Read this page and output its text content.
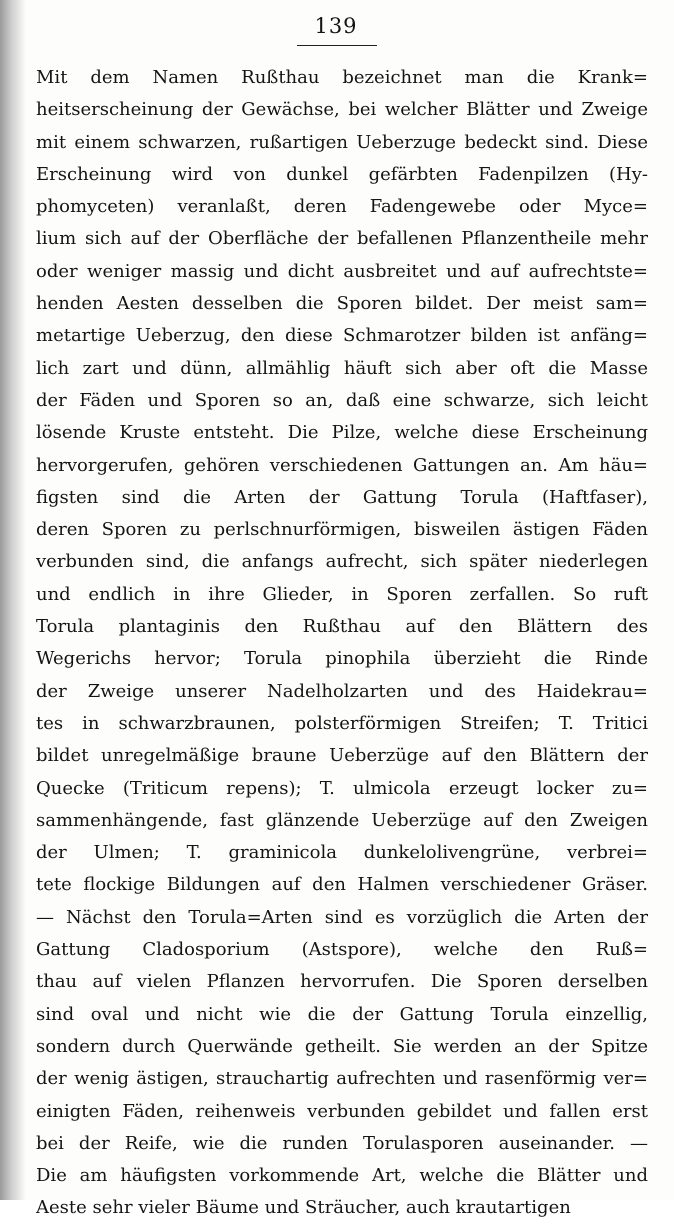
139
Mit dem Namen Rußthau bezeichnet man die Krank=
heitserscheinung der Gewächse, bei welcher Blätter und Zweige
mit einem schwarzen, rußartigen Ueberzuge bedeckt sind. Diese
Erscheinung wird von dunkel gefärbten Fadenpilzen (Hy-
phomyceten) veranlaßt, deren Fadengewebe oder Myce=
lium sich auf der Oberfläche der befallenen Pflanzentheile mehr
oder weniger massig und dicht ausbreitet und auf aufrechtste=
henden Aesten desselben die Sporen bildet. Der meist sam=
metartige Ueberzug, den diese Schmarotzer bilden ist anfäng=
lich zart und dünn, allmählig häuft sich aber oft die Masse
der Fäden und Sporen so an, daß eine schwarze, sich leicht
lösende Kruste entsteht. Die Pilze, welche diese Erscheinung
hervorgerufen, gehören verschiedenen Gattungen an. Am häu=
figsten sind die Arten der Gattung Torula (Haftfaser),
deren Sporen zu perlschnurförmigen, bisweilen ästigen Fäden
verbunden sind, die anfangs aufrecht, sich später niederlegen
und endlich in ihre Glieder, in Sporen zerfallen. So ruft
Torula plantaginis den Rußthau auf den Blättern des
Wegerichs hervor; Torula pinophila überzieht die Rinde
der Zweige unserer Nadelholzarten und des Haidekrau=
tes in schwarzbraunen, polsterförmigen Streifen; T. Tritici
bildet unregelmäßige braune Ueberzüge auf den Blättern der
Quecke (Triticum repens); T. ulmicola erzeugt locker zu=
sammenhängende, fast glänzende Ueberzüge auf den Zweigen
der Ulmen; T. graminicola dunkelolivengrüne, verbrei=
tete flockige Bildungen auf den Halmen verschiedener Gräser.
— Nächst den Torula=Arten sind es vorzüglich die Arten der
Gattung Cladosporium (Astspore), welche den Ruß=
thau auf vielen Pflanzen hervorrufen. Die Sporen derselben
sind oval und nicht wie die der Gattung Torula einzellig,
sondern durch Querwände getheilt. Sie werden an der Spitze
der wenig ästigen, strauchartig aufrechten und rasenförmig ver=
einigten Fäden, reihenweis verbunden gebildet und fallen erst
bei der Reife, wie die runden Torulasporen auseinander. —
Die am häufigsten vorkommende Art, welche die Blätter und
Aeste sehr vieler Bäume und Sträucher, auch krautartigen
